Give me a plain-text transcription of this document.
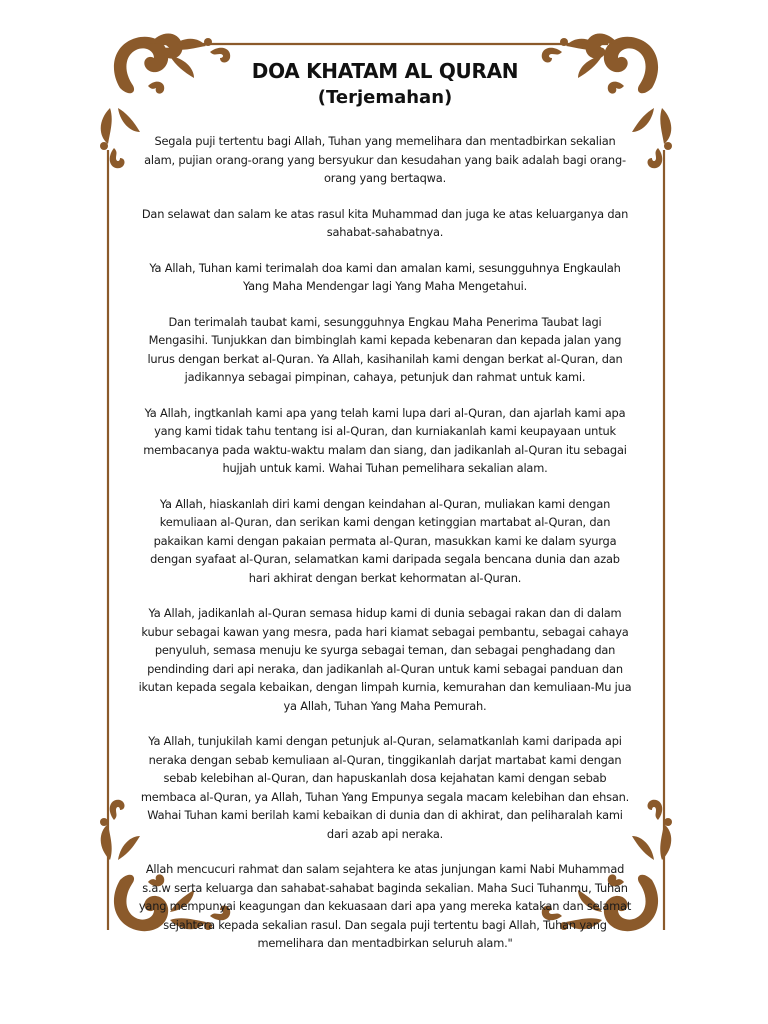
DOA KHATAM AL QURAN
(Terjemahan)

Segala puji tertentu bagi Allah, Tuhan yang memelihara dan mentadbirkan sekalian alam, pujian orang-orang yang bersyukur dan kesudahan yang baik adalah bagi orang-orang yang bertaqwa.

Dan selawat dan salam ke atas rasul kita Muhammad dan juga ke atas keluarganya dan sahabat-sahabatnya.

Ya Allah, Tuhan kami terimalah doa kami dan amalan kami, sesungguhnya Engkaulah Yang Maha Mendengar lagi Yang Maha Mengetahui.

Dan terimalah taubat kami, sesungguhnya Engkau Maha Penerima Taubat lagi Mengasihi. Tunjukkan dan bimbinglah kami kepada kebenaran dan kepada jalan yang lurus dengan berkat al-Quran. Ya Allah, kasihanilah kami dengan berkat al-Quran, dan jadikannya sebagai pimpinan, cahaya, petunjuk dan rahmat untuk kami.

Ya Allah, ingtkanlah kami apa yang telah kami lupa dari al-Quran, dan ajarlah kami apa yang kami tidak tahu tentang isi al-Quran, dan kurniakanlah kami keupayaan untuk membacanya pada waktu-waktu malam dan siang, dan jadikanlah al-Quran itu sebagai hujjah untuk kami. Wahai Tuhan pemelihara sekalian alam.

Ya Allah, hiaskanlah diri kami dengan keindahan al-Quran, muliakan kami dengan kemuliaan al-Quran, dan serikan kami dengan ketinggian martabat al-Quran, dan pakaikan kami dengan pakaian permata al-Quran, masukkan kami ke dalam syurga dengan syafaat al-Quran, selamatkan kami daripada segala bencana dunia dan azab hari akhirat dengan berkat kehormatan al-Quran.

Ya Allah, jadikanlah al-Quran semasa hidup kami di dunia sebagai rakan dan di dalam kubur sebagai kawan yang mesra, pada hari kiamat sebagai pembantu, sebagai cahaya penyuluh, semasa menuju ke syurga sebagai teman, dan sebagai penghadang dan pendinding dari api neraka, dan jadikanlah al-Quran untuk kami sebagai panduan dan ikutan kepada segala kebaikan, dengan limpah kurnia, kemurahan dan kemuliaan-Mu jua ya Allah, Tuhan Yang Maha Pemurah.

Ya Allah, tunjukilah kami dengan petunjuk al-Quran, selamatkanlah kami daripada api neraka dengan sebab kemuliaan al-Quran, tinggikanlah darjat martabat kami dengan sebab kelebihan al-Quran, dan hapuskanlah dosa kejahatan kami dengan sebab membaca al-Quran, ya Allah, Tuhan Yang Empunya segala macam kelebihan dan ehsan. Wahai Tuhan kami berilah kami kebaikan di dunia dan di akhirat, dan peliharalah kami dari azab api neraka.

Allah mencucuri rahmat dan salam sejahtera ke atas junjungan kami Nabi Muhammad s.a.w serta keluarga dan sahabat-sahabat baginda sekalian. Maha Suci Tuhanmu, Tuhan yang mempunyai keagungan dan kekuasaan dari apa yang mereka katakan dan selamat sejahtera kepada sekalian rasul. Dan segala puji tertentu bagi Allah, Tuhan yang memelihara dan mentadbirkan seluruh alam."
